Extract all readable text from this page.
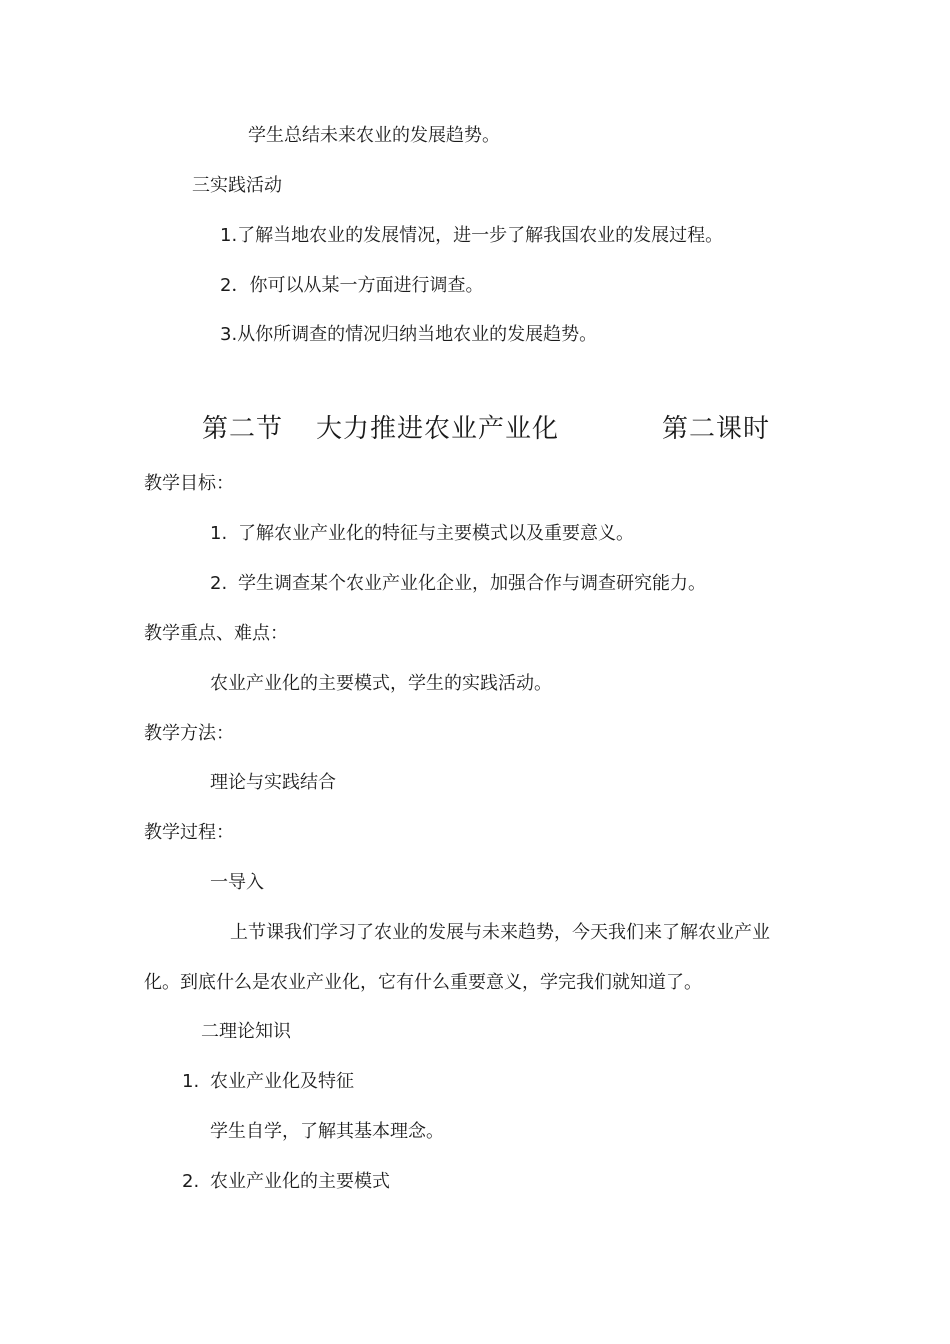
学生总结未来农业的发展趋势。
三实践活动
1.了解当地农业的发展情况，进一步了解我国农业的发展过程。
2．你可以从某一方面进行调查。
3.从你所调查的情况归纳当地农业的发展趋势。
第二节 大力推进农业产业化	第二课时
教学目标：
1. 了解农业产业化的特征与主要模式以及重要意义。
2. 学生调查某个农业产业化企业，加强合作与调查研究能力。
教学重点、难点：
农业产业化的主要模式，学生的实践活动。
教学方法：
理论与实践结合
教学过程：
一导入
上节课我们学习了农业的发展与未来趋势，今天我们来了解农业产业
化。到底什么是农业产业化，它有什么重要意义，学完我们就知道了。
二理论知识
1. 农业产业化及特征
学生自学，了解其基本理念。
2. 农业产业化的主要模式
